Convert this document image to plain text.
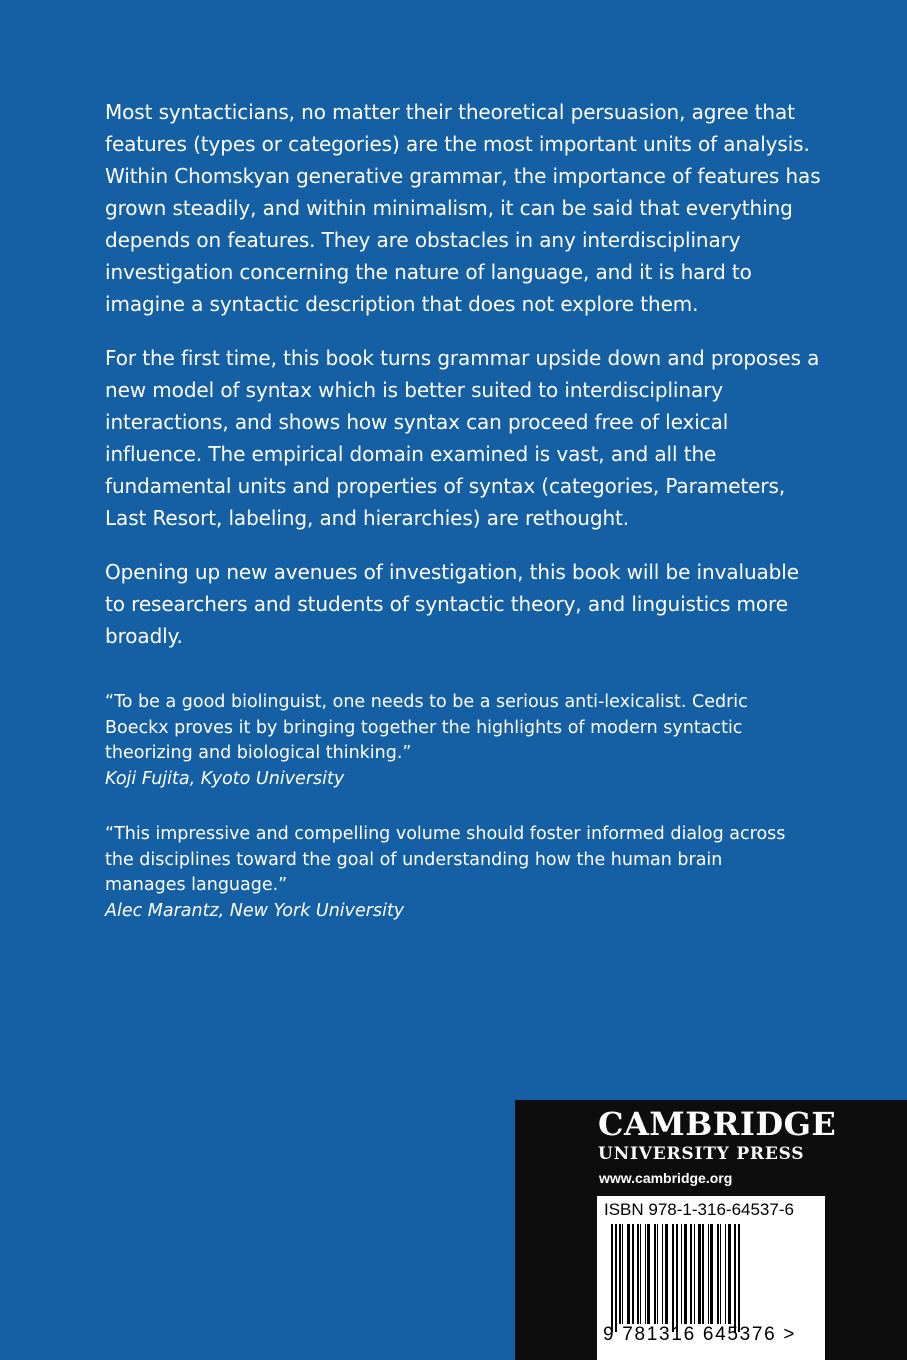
Most syntacticians, no matter their theoretical persuasion, agree that features (types or categories) are the most important units of analysis. Within Chomskyan generative grammar, the importance of features has grown steadily, and within minimalism, it can be said that everything depends on features. They are obstacles in any interdisciplinary investigation concerning the nature of language, and it is hard to imagine a syntactic description that does not explore them.

For the first time, this book turns grammar upside down and proposes a new model of syntax which is better suited to interdisciplinary interactions, and shows how syntax can proceed free of lexical influence. The empirical domain examined is vast, and all the fundamental units and properties of syntax (categories, Parameters, Last Resort, labeling, and hierarchies) are rethought.

Opening up new avenues of investigation, this book will be invaluable to researchers and students of syntactic theory, and linguistics more broadly.

“To be a good biolinguist, one needs to be a serious anti-lexicalist. Cedric Boeckx proves it by bringing together the highlights of modern syntactic theorizing and biological thinking.”

Koji Fujita, Kyoto University

“This impressive and compelling volume should foster informed dialog across the disciplines toward the goal of understanding how the human brain manages language.”

Alec Marantz, New York University

CAMBRIDGE

UNIVERSITY PRESS

www.cambridge.org
ISBN 978-1-316-64537-6
9 781316 645376 >
